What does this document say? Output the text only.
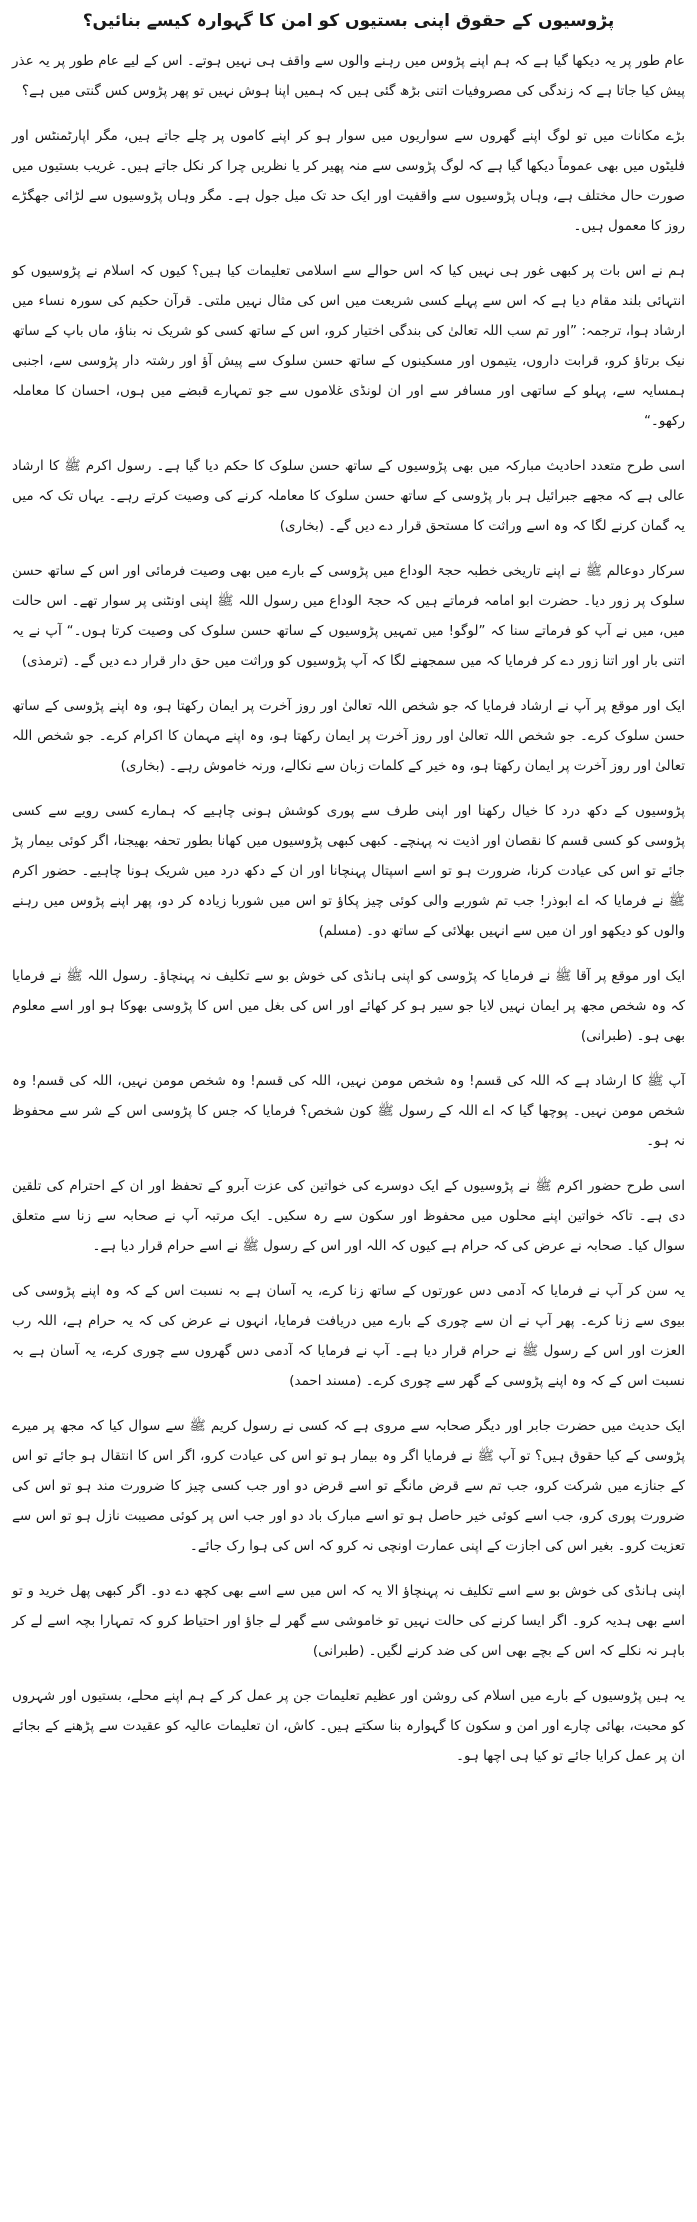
پڑوسیوں کے حقوق اپنی بستیوں کو امن کا گہوارہ کیسے بنائیں؟

عام طور پر یہ دیکھا گیا ہے کہ ہم اپنے پڑوس میں رہنے والوں سے واقف ہی نہیں ہوتے۔ اس کے لیے عام طور پر یہ عذر پیش کیا جاتا ہے کہ زندگی کی مصروفیات اتنی بڑھ گئی ہیں کہ ہمیں اپنا ہوش نہیں تو پھر پڑوس کس گنتی میں ہے؟

بڑے مکانات میں تو لوگ اپنے گھروں سے سواریوں میں سوار ہو کر اپنے کاموں پر چلے جاتے ہیں، مگر اپارٹمنٹس اور فلیٹوں میں بھی عموماً دیکھا گیا ہے کہ لوگ پڑوسی سے منہ پھیر کر یا نظریں چرا کر نکل جاتے ہیں۔ غریب بستیوں میں صورت حال مختلف ہے، وہاں پڑوسیوں سے واقفیت اور ایک حد تک میل جول ہے۔ مگر وہاں پڑوسیوں سے لڑائی جھگڑے روز کا معمول ہیں۔

ہم نے اس بات پر کبھی غور ہی نہیں کیا کہ اس حوالے سے اسلامی تعلیمات کیا ہیں؟ کیوں کہ اسلام نے پڑوسیوں کو انتہائی بلند مقام دیا ہے کہ اس سے پہلے کسی شریعت میں اس کی مثال نہیں ملتی۔ قرآن حکیم کی سورہ نساء میں ارشاد ہوا، ترجمہ: ”اور تم سب اللہ تعالیٰ کی بندگی اختیار کرو، اس کے ساتھ کسی کو شریک نہ بناؤ، ماں باپ کے ساتھ نیک برتاؤ کرو، قرابت داروں، یتیموں اور مسکینوں کے ساتھ حسن سلوک سے پیش آؤ اور رشتہ دار پڑوسی سے، اجنبی ہمسایہ سے، پہلو کے ساتھی اور مسافر سے اور ان لونڈی غلاموں سے جو تمہارے قبضے میں ہوں، احسان کا معاملہ رکھو۔“

اسی طرح متعدد احادیث مبارکہ میں بھی پڑوسیوں کے ساتھ حسن سلوک کا حکم دیا گیا ہے۔ رسول اکرم ﷺ کا ارشاد عالی ہے کہ مجھے جبرائیل ہر بار پڑوسی کے ساتھ حسن سلوک کا معاملہ کرنے کی وصیت کرتے رہے۔ یہاں تک کہ میں یہ گمان کرنے لگا کہ وہ اسے وراثت کا مستحق قرار دے دیں گے۔ (بخاری)

سرکار دوعالم ﷺ نے اپنے تاریخی خطبہ حجۃ الوداع میں پڑوسی کے بارے میں بھی وصیت فرمائی اور اس کے ساتھ حسن سلوک پر زور دیا۔ حضرت ابو امامہ فرماتے ہیں کہ حجۃ الوداع میں رسول اللہ ﷺ اپنی اونٹنی پر سوار تھے۔ اس حالت میں، میں نے آپ کو فرماتے سنا کہ ”لوگو! میں تمہیں پڑوسیوں کے ساتھ حسن سلوک کی وصیت کرتا ہوں۔“ آپ نے یہ اتنی بار اور اتنا زور دے کر فرمایا کہ میں سمجھنے لگا کہ آپ پڑوسیوں کو وراثت میں حق دار قرار دے دیں گے۔ (ترمذی)

ایک اور موقع پر آپ نے ارشاد فرمایا کہ جو شخص اللہ تعالیٰ اور روز آخرت پر ایمان رکھتا ہو، وہ اپنے پڑوسی کے ساتھ حسن سلوک کرے۔ جو شخص اللہ تعالیٰ اور روز آخرت پر ایمان رکھتا ہو، وہ اپنے مہمان کا اکرام کرے۔ جو شخص اللہ تعالیٰ اور روز آخرت پر ایمان رکھتا ہو، وہ خیر کے کلمات زبان سے نکالے، ورنہ خاموش رہے۔ (بخاری)

پڑوسیوں کے دکھ درد کا خیال رکھنا اور اپنی طرف سے پوری کوشش ہونی چاہیے کہ ہمارے کسی رویے سے کسی پڑوسی کو کسی قسم کا نقصان اور اذیت نہ پہنچے۔ کبھی کبھی پڑوسیوں میں کھانا بطور تحفہ بھیجنا، اگر کوئی بیمار پڑ جائے تو اس کی عیادت کرنا، ضرورت ہو تو اسے اسپتال پہنچانا اور ان کے دکھ درد میں شریک ہونا چاہیے۔ حضور اکرم ﷺ نے فرمایا کہ اے ابوذر! جب تم شوربے والی کوئی چیز پکاؤ تو اس میں شوربا زیادہ کر دو، پھر اپنے پڑوس میں رہنے والوں کو دیکھو اور ان میں سے انہیں بھلائی کے ساتھ دو۔ (مسلم)

ایک اور موقع پر آقا ﷺ نے فرمایا کہ پڑوسی کو اپنی ہانڈی کی خوش بو سے تکلیف نہ پہنچاؤ۔ رسول اللہ ﷺ نے فرمایا کہ وہ شخص مجھ پر ایمان نہیں لایا جو سیر ہو کر کھائے اور اس کی بغل میں اس کا پڑوسی بھوکا ہو اور اسے معلوم بھی ہو۔ (طبرانی)

آپ ﷺ کا ارشاد ہے کہ اللہ کی قسم! وہ شخص مومن نہیں، اللہ کی قسم! وہ شخص مومن نہیں، اللہ کی قسم! وہ شخص مومن نہیں۔ پوچھا گیا کہ اے اللہ کے رسول ﷺ کون شخص؟ فرمایا کہ جس کا پڑوسی اس کے شر سے محفوظ نہ ہو۔

اسی طرح حضور اکرم ﷺ نے پڑوسیوں کے ایک دوسرے کی خواتین کی عزت آبرو کے تحفظ اور ان کے احترام کی تلقین دی ہے۔ تاکہ خواتین اپنے محلوں میں محفوظ اور سکون سے رہ سکیں۔ ایک مرتبہ آپ نے صحابہ سے زنا سے متعلق سوال کیا۔ صحابہ نے عرض کی کہ حرام ہے کیوں کہ اللہ اور اس کے رسول ﷺ نے اسے حرام قرار دیا ہے۔

یہ سن کر آپ نے فرمایا کہ آدمی دس عورتوں کے ساتھ زنا کرے، یہ آسان ہے بہ نسبت اس کے کہ وہ اپنے پڑوسی کی بیوی سے زنا کرے۔ پھر آپ نے ان سے چوری کے بارے میں دریافت فرمایا، انہوں نے عرض کی کہ یہ حرام ہے، اللہ رب العزت اور اس کے رسول ﷺ نے حرام قرار دیا ہے۔ آپ نے فرمایا کہ آدمی دس گھروں سے چوری کرے، یہ آسان ہے بہ نسبت اس کے کہ وہ اپنے پڑوسی کے گھر سے چوری کرے۔ (مسند احمد)

ایک حدیث میں حضرت جابر اور دیگر صحابہ سے مروی ہے کہ کسی نے رسول کریم ﷺ سے سوال کیا کہ مجھ پر میرے پڑوسی کے کیا حقوق ہیں؟ تو آپ ﷺ نے فرمایا اگر وہ بیمار ہو تو اس کی عیادت کرو، اگر اس کا انتقال ہو جائے تو اس کے جنازے میں شرکت کرو، جب تم سے قرض مانگے تو اسے قرض دو اور جب کسی چیز کا ضرورت مند ہو تو اس کی ضرورت پوری کرو، جب اسے کوئی خیر حاصل ہو تو اسے مبارک باد دو اور جب اس پر کوئی مصیبت نازل ہو تو اس سے تعزیت کرو۔ بغیر اس کی اجازت کے اپنی عمارت اونچی نہ کرو کہ اس کی ہوا رک جائے۔

اپنی ہانڈی کی خوش بو سے اسے تکلیف نہ پہنچاؤ الا یہ کہ اس میں سے اسے بھی کچھ دے دو۔ اگر کبھی پھل خرید و تو اسے بھی ہدیہ کرو۔ اگر ایسا کرنے کی حالت نہیں تو خاموشی سے گھر لے جاؤ اور احتیاط کرو کہ تمہارا بچہ اسے لے کر باہر نہ نکلے کہ اس کے بچے بھی اس کی ضد کرنے لگیں۔ (طبرانی)

یہ ہیں پڑوسیوں کے بارے میں اسلام کی روشن اور عظیم تعلیمات جن پر عمل کر کے ہم اپنے محلے، بستیوں اور شہروں کو محبت، بھائی چارے اور امن و سکون کا گہوارہ بنا سکتے ہیں۔ کاش، ان تعلیمات عالیہ کو عقیدت سے پڑھنے کے بجائے ان پر عمل کرایا جائے تو کیا ہی اچھا ہو۔
